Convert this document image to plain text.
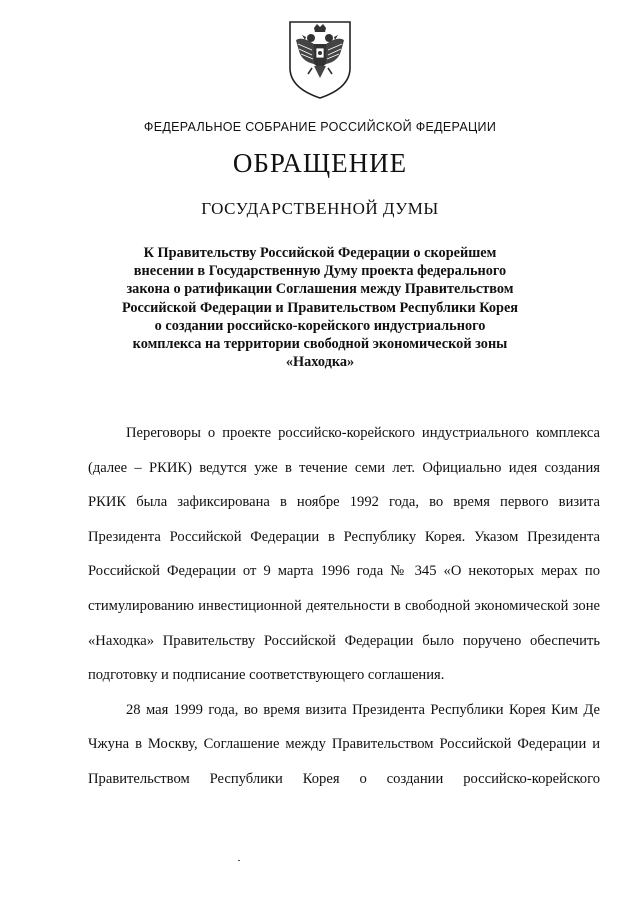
ФЕДЕРАЛЬНОЕ СОБРАНИЕ РОССИЙСКОЙ ФЕДЕРАЦИИ
ОБРАЩЕНИЕ
ГОСУДАРСТВЕННОЙ ДУМЫ
К Правительству Российской Федерации о скорейшем
внесении в Государственную Думу проекта федерального
закона о ратификации Соглашения между Правительством
Российской Федерации и Правительством Республики Корея
о создании российско-корейского индустриального
комплекса на территории свободной экономической зоны
«Находка»

Переговоры о проекте российско-корейского индустриального комплекса (далее – РКИК) ведутся уже в течение семи лет. Официально идея создания РКИК была зафиксирована в ноябре 1992 года, во время первого визита Президента Российской Федерации в Республику Корея. Указом Президента Российской Федерации от 9 марта 1996 года № 345 «О некоторых мерах по стимулированию инвестиционной деятельности в свободной экономической зоне «Находка» Правительству Российской Федерации было поручено обеспечить подготовку и подписание соответствующего соглашения.

28 мая 1999 года, во время визита Президента Республики Корея Ким Де Чжуна в Москву, Соглашение между Правительством Российской Федерации и Правительством Республики Корея о создании российско-корейского
